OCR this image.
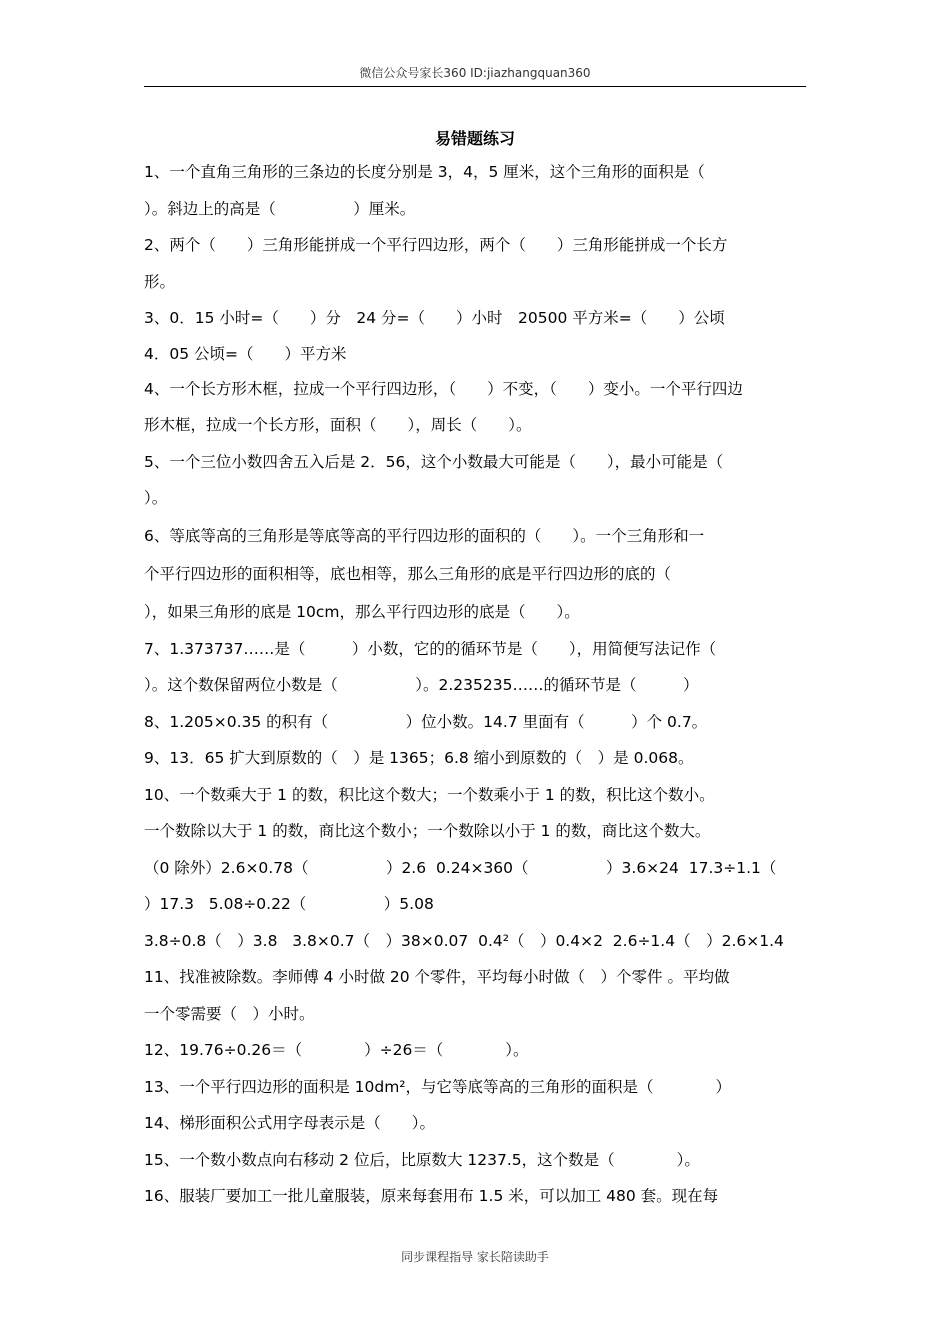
微信公众号家长360 ID:jiazhangquan360
易错题练习

1、一个直角三角形的三条边的长度分别是 3，4，5 厘米，这个三角形的面积是（

）。斜边上的高是（　　　　　）厘米。

2、两个（　　）三角形能拼成一个平行四边形，两个（　　）三角形能拼成一个长方

形。

3、0．15 小时=（　　）分　24 分=（　　）小时　20500 平方米=（　　）公顷

4．05 公顷=（　　）平方米

4、一个长方形木框，拉成一个平行四边形，（　　）不变，（　　）变小。一个平行四边

形木框，拉成一个长方形，面积（　　），周长（　　）。

5、一个三位小数四舍五入后是 2．56，这个小数最大可能是（　　），最小可能是（

）。

6、等底等高的三角形是等底等高的平行四边形的面积的（　　）。一个三角形和一

个平行四边形的面积相等，底也相等，那么三角形的底是平行四边形的底的（

），如果三角形的底是 10cm，那么平行四边形的底是（　　）。

7、1.373737……是（　　　）小数，它的的循环节是（　　），用简便写法记作（

）。这个数保留两位小数是（　　　　　）。2.235235……的循环节是（　　　）

8、1.205×0.35 的积有（　　　　　）位小数。14.7 里面有（　　　）个 0.7。

9、13．65 扩大到原数的（　）是 1365；6.8 缩小到原数的（　）是 0.068。

10、一个数乘大于 1 的数，积比这个数大；一个数乘小于 1 的数，积比这个数小。

一个数除以大于 1 的数，商比这个数小；一个数除以小于 1 的数，商比这个数大。

（0 除外）2.6×0.78（　　　　　）2.6  0.24×360（　　　　　）3.6×24  17.3÷1.1（

）17.3   5.08÷0.22（　　　　　）5.08

3.8÷0.8（　）3.8   3.8×0.7（　）38×0.07  0.4²（　）0.4×2  2.6÷1.4（　）2.6×1.4

11、找准被除数。李师傅 4 小时做 20 个零件，平均每小时做（　）个零件 。平均做

一个零需要（　）小时。

12、19.76÷0.26＝（　　　　）÷26＝（　　　　）。

13、一个平行四边形的面积是 10dm²，与它等底等高的三角形的面积是（　　　　）

14、梯形面积公式用字母表示是（　　）。

15、一个数小数点向右移动 2 位后，比原数大 1237.5，这个数是（　　　　）。

16、服装厂要加工一批儿童服装，原来每套用布 1.5 米，可以加工 480 套。现在每

同步课程指导 家长陪读助手
